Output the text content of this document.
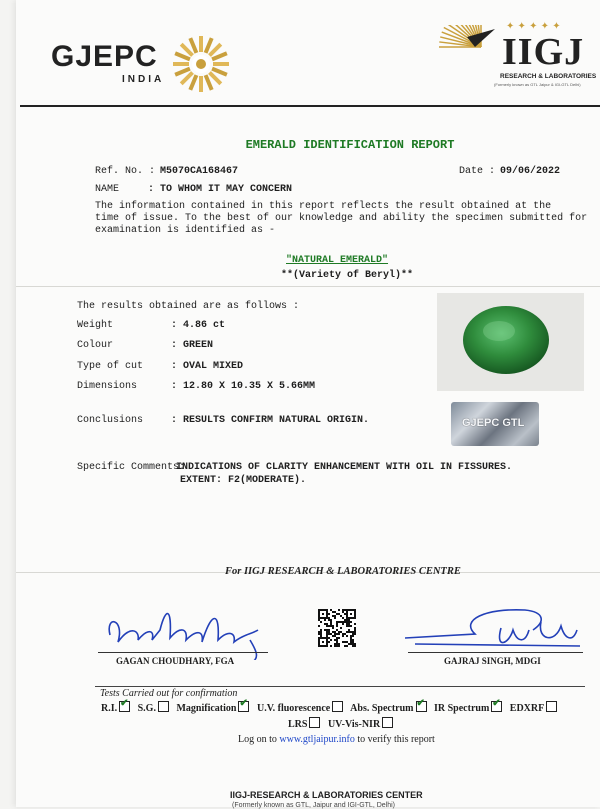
GJEPC
INDIA
✦ ✦ ✦ ✦ ✦
IIGJ
RESEARCH & LABORATORIES
(Formerly known as GTL Jaipur & IGI-GTL Delhi)
EMERALD IDENTIFICATION REPORT
Ref. No. : M5070CA168467	Date : 09/06/2022
NAME	: TO WHOM IT MAY CONCERN
The information contained in this report reflects the result obtained at the
time of issue. To the best of our knowledge and ability the specimen submitted for
examination is identified as -
"NATURAL EMERALD"
**(Variety of Beryl)**
The results obtained are as follows :
Weight	: 4.86 ct
Colour	: GREEN
Type of cut	: OVAL MIXED
Dimensions	: 12.80 X 10.35 X 5.66MM
Conclusions	: RESULTS CONFIRM NATURAL ORIGIN.	GJEPC GTL
Specific Comments:
INDICATIONS OF CLARITY ENHANCEMENT WITH OIL IN FISSURES.
EXTENT: F2(MODERATE).
For IIGJ RESEARCH & LABORATORIES CENTRE
GAGAN CHOUDHARY, FGA	GAJRAJ SINGH, MDGI
Tests Carried out for confirmation
R.I. ✔ S.G. Magnification ✔ U.V. fluorescence Abs. Spectrum ✔ IR Spectrum ✔ EDXRF
LRS UV-Vis-NIR
Log on to www.gtljaipur.info to verify this report
IIGJ-RESEARCH & LABORATORIES CENTER
(Formerly known as GTL, Jaipur and IGI-GTL, Delhi)
